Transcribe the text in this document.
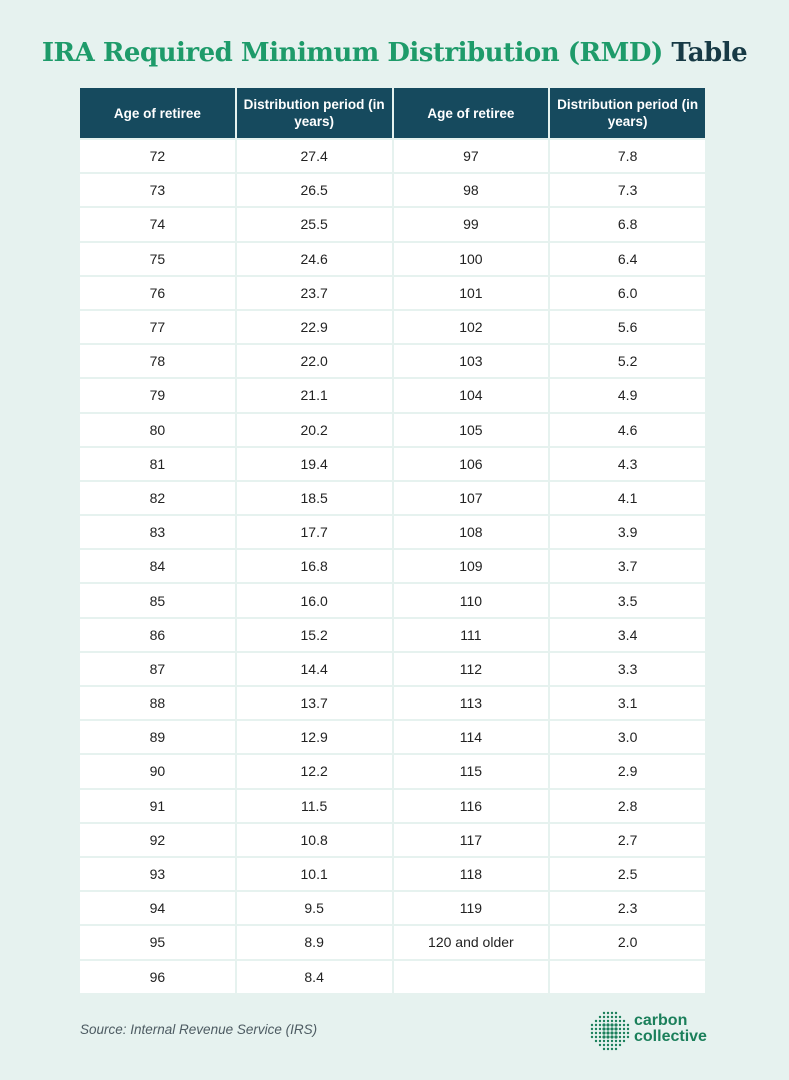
IRA Required Minimum Distribution (RMD) Table
Age of retiree	Distribution period (in years)	Age of retiree	Distribution period (in years)
72	27.4	97	7.8
73	26.5	98	7.3
74	25.5	99	6.8
75	24.6	100	6.4
76	23.7	101	6.0
77	22.9	102	5.6
78	22.0	103	5.2
79	21.1	104	4.9
80	20.2	105	4.6
81	19.4	106	4.3
82	18.5	107	4.1
83	17.7	108	3.9
84	16.8	109	3.7
85	16.0	110	3.5
86	15.2	111	3.4
87	14.4	112	3.3
88	13.7	113	3.1
89	12.9	114	3.0
90	12.2	115	2.9
91	11.5	116	2.8
92	10.8	117	2.7
93	10.1	118	2.5
94	9.5	119	2.3
95	8.9	120 and older	2.0
96	8.4		
Source: Internal Revenue Service (IRS)
carbon
collective
